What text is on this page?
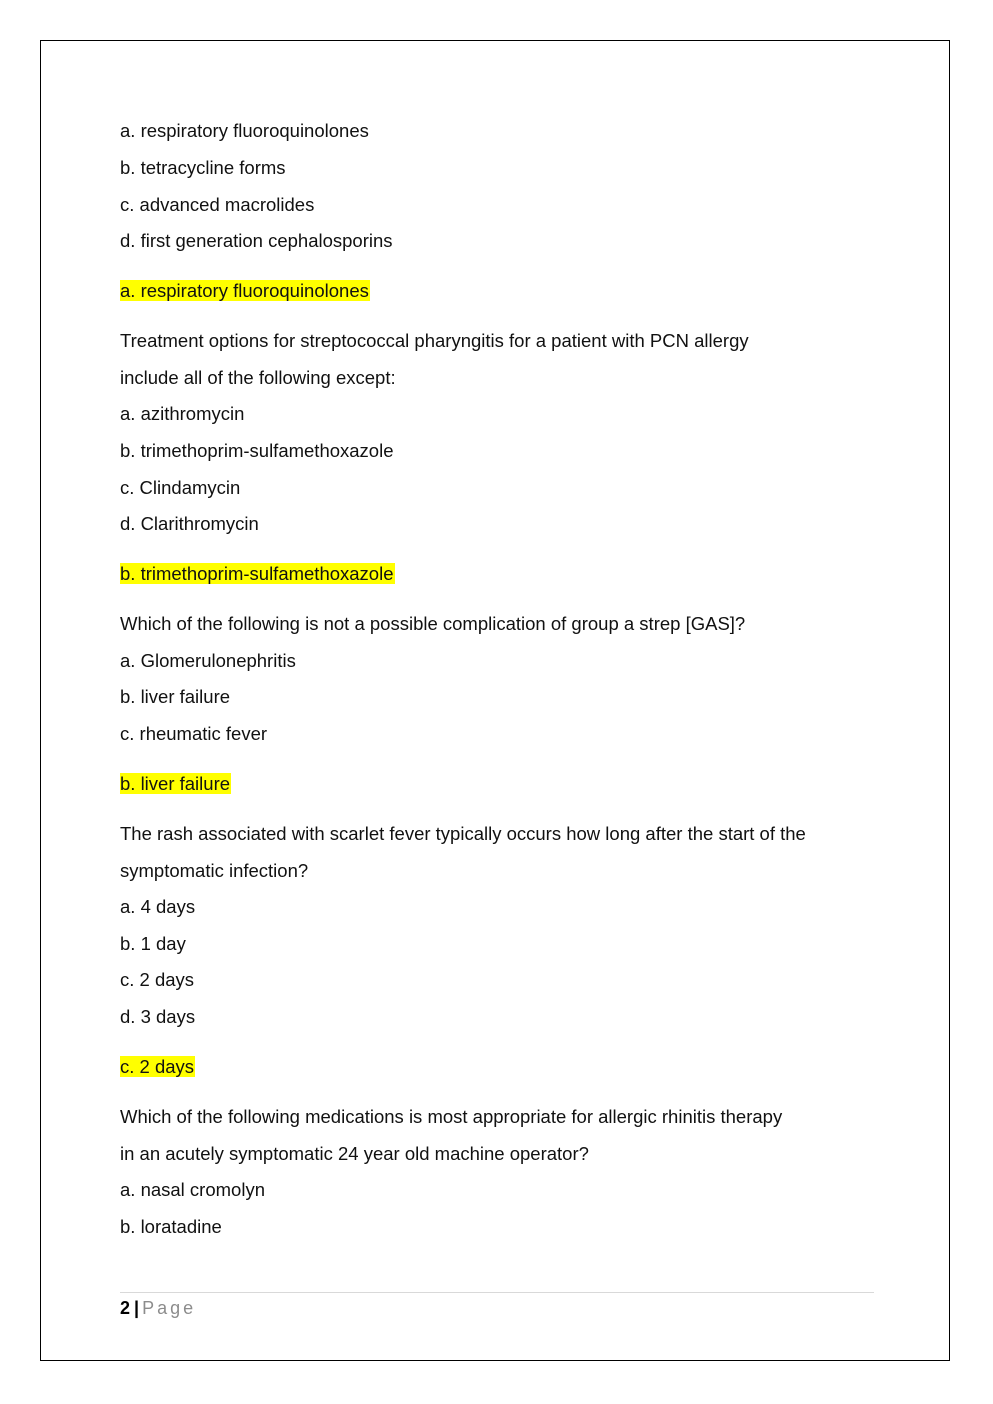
a. respiratory fluoroquinolones
b. tetracycline forms
c. advanced macrolides
d. first generation cephalosporins
a. respiratory fluoroquinolones
Treatment options for streptococcal pharyngitis for a patient with PCN allergy
include all of the following except:
a. azithromycin
b. trimethoprim-sulfamethoxazole
c. Clindamycin
d. Clarithromycin
b. trimethoprim-sulfamethoxazole
Which of the following is not a possible complication of group a strep [GAS]?
a. Glomerulonephritis
b. liver failure
c. rheumatic fever
b. liver failure
The rash associated with scarlet fever typically occurs how long after the start of the
symptomatic infection?
a. 4 days
b. 1 day
c. 2 days
d. 3 days
c. 2 days
Which of the following medications is most appropriate for allergic rhinitis therapy
in an acutely symptomatic 24 year old machine operator?
a. nasal cromolyn
b. loratadine
2 | Page
